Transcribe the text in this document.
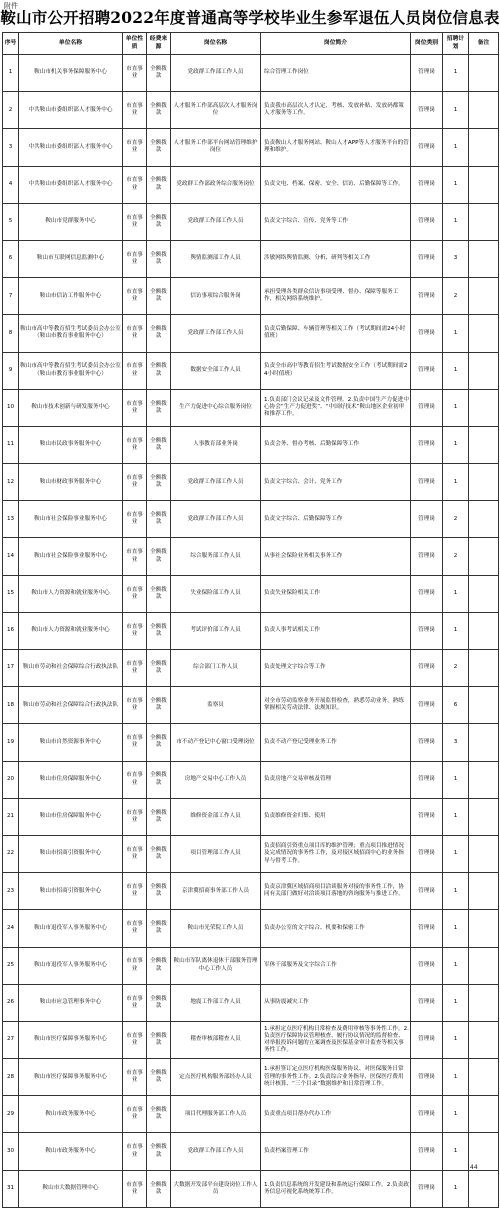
附件
鞍山市公开招聘2022年度普通高等学校毕业生参军退伍人员岗位信息表
序号	单位名称	单位性质	经费来源	岗位名称	岗位简介	岗位类别	招聘计划	备注
1	鞍山市机关事务保障服务中心	市直事业	全额拨款	党政群工作部工作人员	综合管理工作岗位	管理岗	1	
2	中共鞍山市委组织部人才服务中心	市直事业	全额拨款	人才服务工作部高层次人才服务岗位	负责我市高层次人才认定、考核、发放补贴、发放码都策人才服务等工作。	管理岗	1	
3	中共鞍山市委组织部人才服务中心	市直事业	全额拨款	人才服务工作部平台网站管理维护岗位	负责鞍山人才服务网站、鞍山人才APP等人才服务平台的管理和维护。	管理岗	1	
4	中共鞍山市委组织部人才服务中心	市直事业	全额拨款	党政群工作部政务综合服务岗位	负责文电、档案、保密、安全、信访、后勤保障等工作。	管理岗	1	
5	鞍山市党群服务中心	市直事业	全额拨款	党政群工作部工作人员	负责文字综合、宣传、党务等工作	管理岗	1	
6	鞍山市互联网信息监测中心	市直事业	全额拨款	舆情监测部工作人员	涉敏网络舆情监测、分析、研判等相关工作	管理岗	3	
7	鞍山市信访工作服务中心	市直事业	全额拨款	信访事项综合服务岗	承担受理各类群众信访事项受理、督办、保障等服务工作，相关网络系统维护。	管理岗	2	
8	鞍山市高中等教育招生考试委员会办公室（鞍山市教育事业服务中心）	市直事业	全额拨款	党政群工作部工作人员	负责后勤保障、车辆管理等相关工作（考试期间需24小时值班）	管理岗	1	
9	鞍山市高中等教育招生考试委员会办公室（鞍山市教育事业服务中心）	市直事业	全额拨款	数据安全部工作人员	负责全市高中等教育招生考试数据安全工作（考试期间需24小时值班）	管理岗	1	
10	鞍山市技术创新与研发服务中心	市直事业	全额拨款	生产力促进中心综合服务岗位	1.负责部门会议记录及文件管理。2.负责中国生产力促进中心协会“生产力促进奖”、“中国好技术”鞍山地区企业初审和推荐工作。	管理岗	1	
11	鞍山市民政事务服务中心	市直事业	全额拨款	人事教育部业务岗	负责会务、督办考核、后勤保障等工作	管理岗	1	
12	鞍山市财政事务服务中心	市直事业	全额拨款	党政群工作部工作人员	负责文字综合、会计、党务工作	管理岗	1	
13	鞍山市社会保险事业服务中心	市直事业	全额拨款	党政群工作部工作人员	负责文字综合、后勤保障等工作	管理岗	2	
14	鞍山市社会保险事业服务中心	市直事业	全额拨款	综合服务部工作人员	从事社会保险业务相关事务工作	管理岗	2	
15	鞍山市人力资源和就业服务中心	市直事业	全额拨款	失业保险部工作人员	负责失业保险相关工作	管理岗	1	
16	鞍山市人力资源和就业服务中心	市直事业	全额拨款	考试评价部工作人员	负责人事考试相关工作	管理岗	1	
17	鞍山市劳动和社会保障综合行政执法队	市直事业	全额拨款	综合部门工作人员	负责处理文字综合等工作	管理岗	2	
18	鞍山市劳动和社会保障综合行政执法队	市直事业	全额拨款	监察员	对全市劳动监察业务开展监督检查，熟悉劳动业务，熟练掌握相关劳动法律、法规知识。	管理岗	6	
19	鞍山市自然资源事务中心	市直事业	全额拨款	市不动产登记中心窗口受理岗位	负责不动产登记受理业务工作	管理岗	3	
20	鞍山市住房保障服务中心	市直事业	全额拨款	房地产交易中心工作人员	负责房地产交易审核及管理	管理岗	1	
21	鞍山市住房保障服务中心	市直事业	全额拨款	维修资金部工作人员	负责维修资金归集、使用	管理岗	1	
22	鞍山市招商引资服务中心	市直事业	全额拨款	项目管理部工作人员	负责招商引资重点项目库的维护管理；重点项目推进情况及完成情况的事务性工作，及对接区域招商中心的业务指导与督考工作。	管理岗	1	
23	鞍山市招商引资服务中心	市直事业	全额拨款	京津冀招商事务部工作人员	负责京津冀区域招商项目洽谈服务对接的事务性工作，协同有关部门做好对洽谈项目落地的咨询服务与推进工作。	管理岗	1	
24	鞍山市退役军人事务服务中心	市直事业	全额拨款	鞍山市光荣院工作人员	负责办公室的文字综合、机要和保密工作	管理岗	1	
25	鞍山市退役军人事务服务中心	市直事业	全额拨款	鞍山市军队离休退休干部服务管理中心工作人员	军休干部服务及文字综合工作	管理岗	1	
26	鞍山市应急管理事务中心	市直事业	全额拨款	地震工作部工作人员	从事防震减灾工作	管理岗	1	
27	鞍山市医疗保障事务服务中心	市直事业	全额拨款	稽查审核部稽查人员	1.承担定点医疗机构日常检查及费用审核等事务性工作。2.负责医疗保障协议管理核查、履行协议情况的监督检查、对举报投诉问题的立案调查及医保基金审计监查等相关事务性工作。	管理岗	1	
28	鞍山市医疗保障事务服务中心	市直事业	全额拨款	定点医疗机构服务部经办人员	1.承担签订定点医疗机构医保服务协议、对医保服务日常管理的事务性工作。2.负责综合业务指导、医保医疗费用统计核算、“三个目录”数据维护和日常管理工作。	管理岗	1	
29	鞍山市政务服务中心	市直事业	全额拨款	项目代理服务部工作人员	负责重点项目帮办代办工作	管理岗	1	
30	鞍山市政务服务中心	市直事业	全额拨款	党政群工作部工作人员	负责档案管理工作	管理岗	1	
31	鞍山市大数据管理中心	市直事业	全额拨款	大数据开发部平台建设岗位工作人员	1.负责信息系统的开发建设和系统运行保障工作。2.负责政务信息可视化系统统筹工作。	管理岗	1	
44
